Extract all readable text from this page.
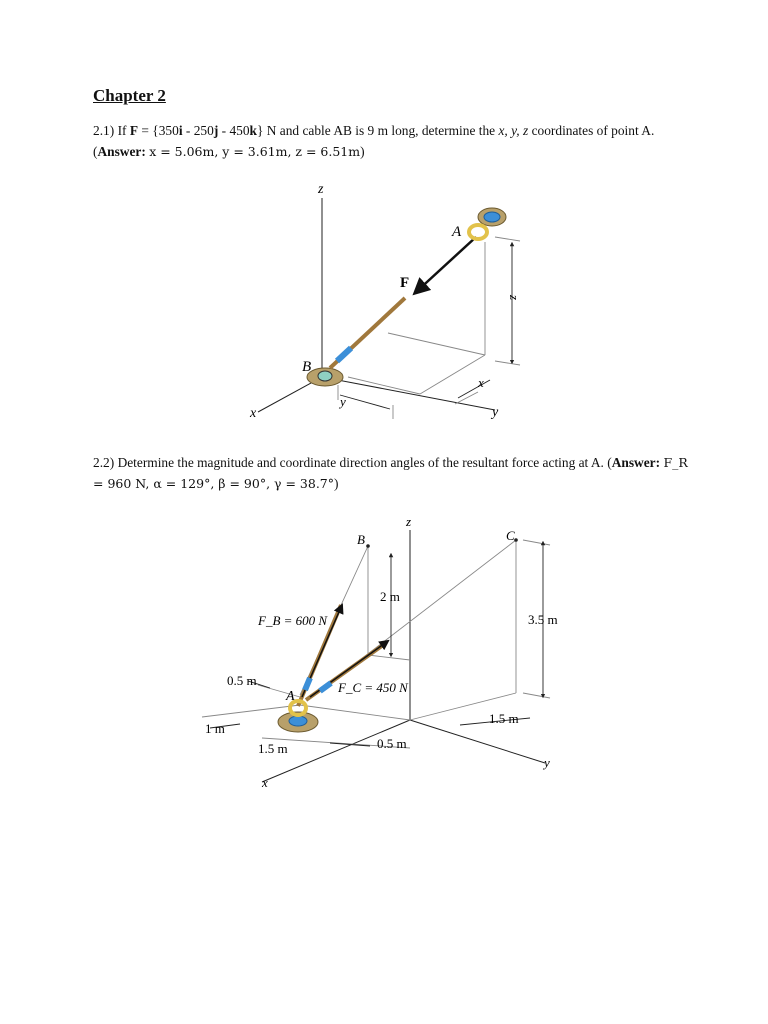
Chapter 2
2.1) If F = {350i - 250j - 450k} N and cable AB is 9 m long, determine the x, y, z coordinates of point A. (Answer: x = 5.06m, y = 3.61m, z = 6.51m)
2.2) Determine the magnitude and coordinate direction angles of the resultant force acting at A. (Answer: F_R = 960 N, α = 129°, β = 90°, γ = 38.7°)
z
x	y
A
B
F
z
x
y
z
x
y
A
B	C
F_B = 600 N
F_C = 450 N
2 m
3.5 m
0.5 m
1 m
1.5 m	0.5 m
1.5 m
